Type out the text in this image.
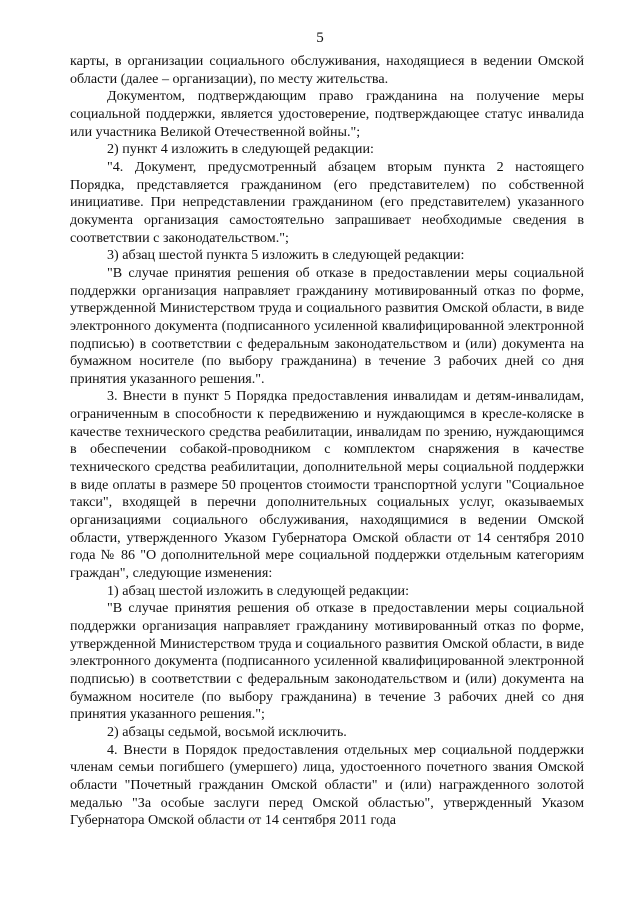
5

карты, в организации социального обслуживания, находящиеся в ведении Омской области (далее – организации), по месту жительства.

Документом, подтверждающим право гражданина на получение меры социальной поддержки, является удостоверение, подтверждающее статус инвалида или участника Великой Отечественной войны.";

2) пункт 4 изложить в следующей редакции:

"4. Документ, предусмотренный абзацем вторым пункта 2 настоящего Порядка, представляется гражданином (его представителем) по собственной инициативе. При непредставлении гражданином (его представителем) указанного документа организация самостоятельно запрашивает необходимые сведения в соответствии с законодательством.";

3) абзац шестой пункта 5 изложить в следующей редакции:

"В случае принятия решения об отказе в предоставлении меры социальной поддержки организация направляет гражданину мотивированный отказ по форме, утвержденной Министерством труда и социального развития Омской области, в виде электронного документа (подписанного усиленной квалифицированной электронной подписью) в соответствии с федеральным законодательством и (или) документа на бумажном носителе (по выбору гражданина) в течение 3 рабочих дней со дня принятия указанного решения.".

3. Внести в пункт 5 Порядка предоставления инвалидам и детям-инвалидам, ограниченным в способности к передвижению и нуждающимся в кресле-коляске в качестве технического средства реабилитации, инвалидам по зрению, нуждающимся в обеспечении собакой-проводником с комплектом снаряжения в качестве технического средства реабилитации, дополнительной меры социальной поддержки в виде оплаты в размере 50 процентов стоимости транспортной услуги "Социальное такси", входящей в перечни дополнительных социальных услуг, оказываемых организациями социального обслуживания, находящимися в ведении Омской области, утвержденного Указом Губернатора Омской области от 14 сентября 2010 года № 86 "О дополнительной мере социальной поддержки отдельным категориям граждан", следующие изменения:

1) абзац шестой изложить в следующей редакции:

"В случае принятия решения об отказе в предоставлении меры социальной поддержки организация направляет гражданину мотивированный отказ по форме, утвержденной Министерством труда и социального развития Омской области, в виде электронного документа (подписанного усиленной квалифицированной электронной подписью) в соответствии с федеральным законодательством и (или) документа на бумажном носителе (по выбору гражданина) в течение 3 рабочих дней со дня принятия указанного решения.";

2) абзацы седьмой, восьмой исключить.

4. Внести в Порядок предоставления отдельных мер социальной поддержки членам семьи погибшего (умершего) лица, удостоенного почетного звания Омской области "Почетный гражданин Омской области" и (или) награжденного золотой медалью "За особые заслуги перед Омской областью", утвержденный Указом Губернатора Омской области от 14 сентября 2011 года
